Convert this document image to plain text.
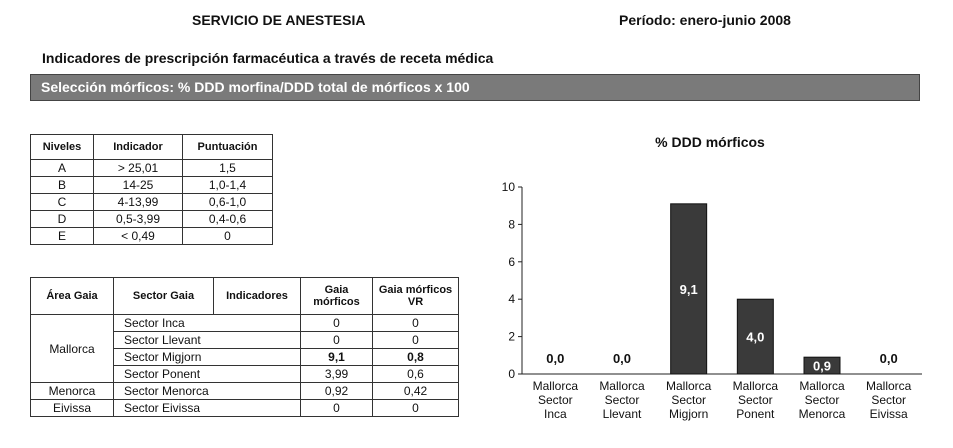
SERVICIO DE ANESTESIA	Período: enero-junio 2008
Indicadores de prescripción farmacéutica a través de receta médica
Selección mórficos: % DDD morfina/DDD total de mórficos x 100
Niveles	Indicador	Puntuación
A	> 25,01	1,5
B	14-25	1,0-1,4
C	4-13,99	0,6-1,0
D	0,5-3,99	0,4-0,6
E	< 0,49	0
Área Gaia	Sector Gaia	Indicadores	Gaia mórficos	Gaia mórficos VR
Mallorca	Sector Inca		0	0
	Sector Llevant		0	0
	Sector Migjorn		9,1	0,8
	Sector Ponent		3,99	0,6
Menorca	Sector Menorca		0,92	0,42
Eivissa	Sector Eivissa		0	0
% DDD mórficos
0
2
4
6
8
10
0,0
Mallorca Sector Inca
0,0
Mallorca Sector Llevant
9,1
Mallorca Sector Migjorn
4,0
Mallorca Sector Ponent
0,9
Mallorca Sector Menorca
0,0
Mallorca Sector Eivissa
